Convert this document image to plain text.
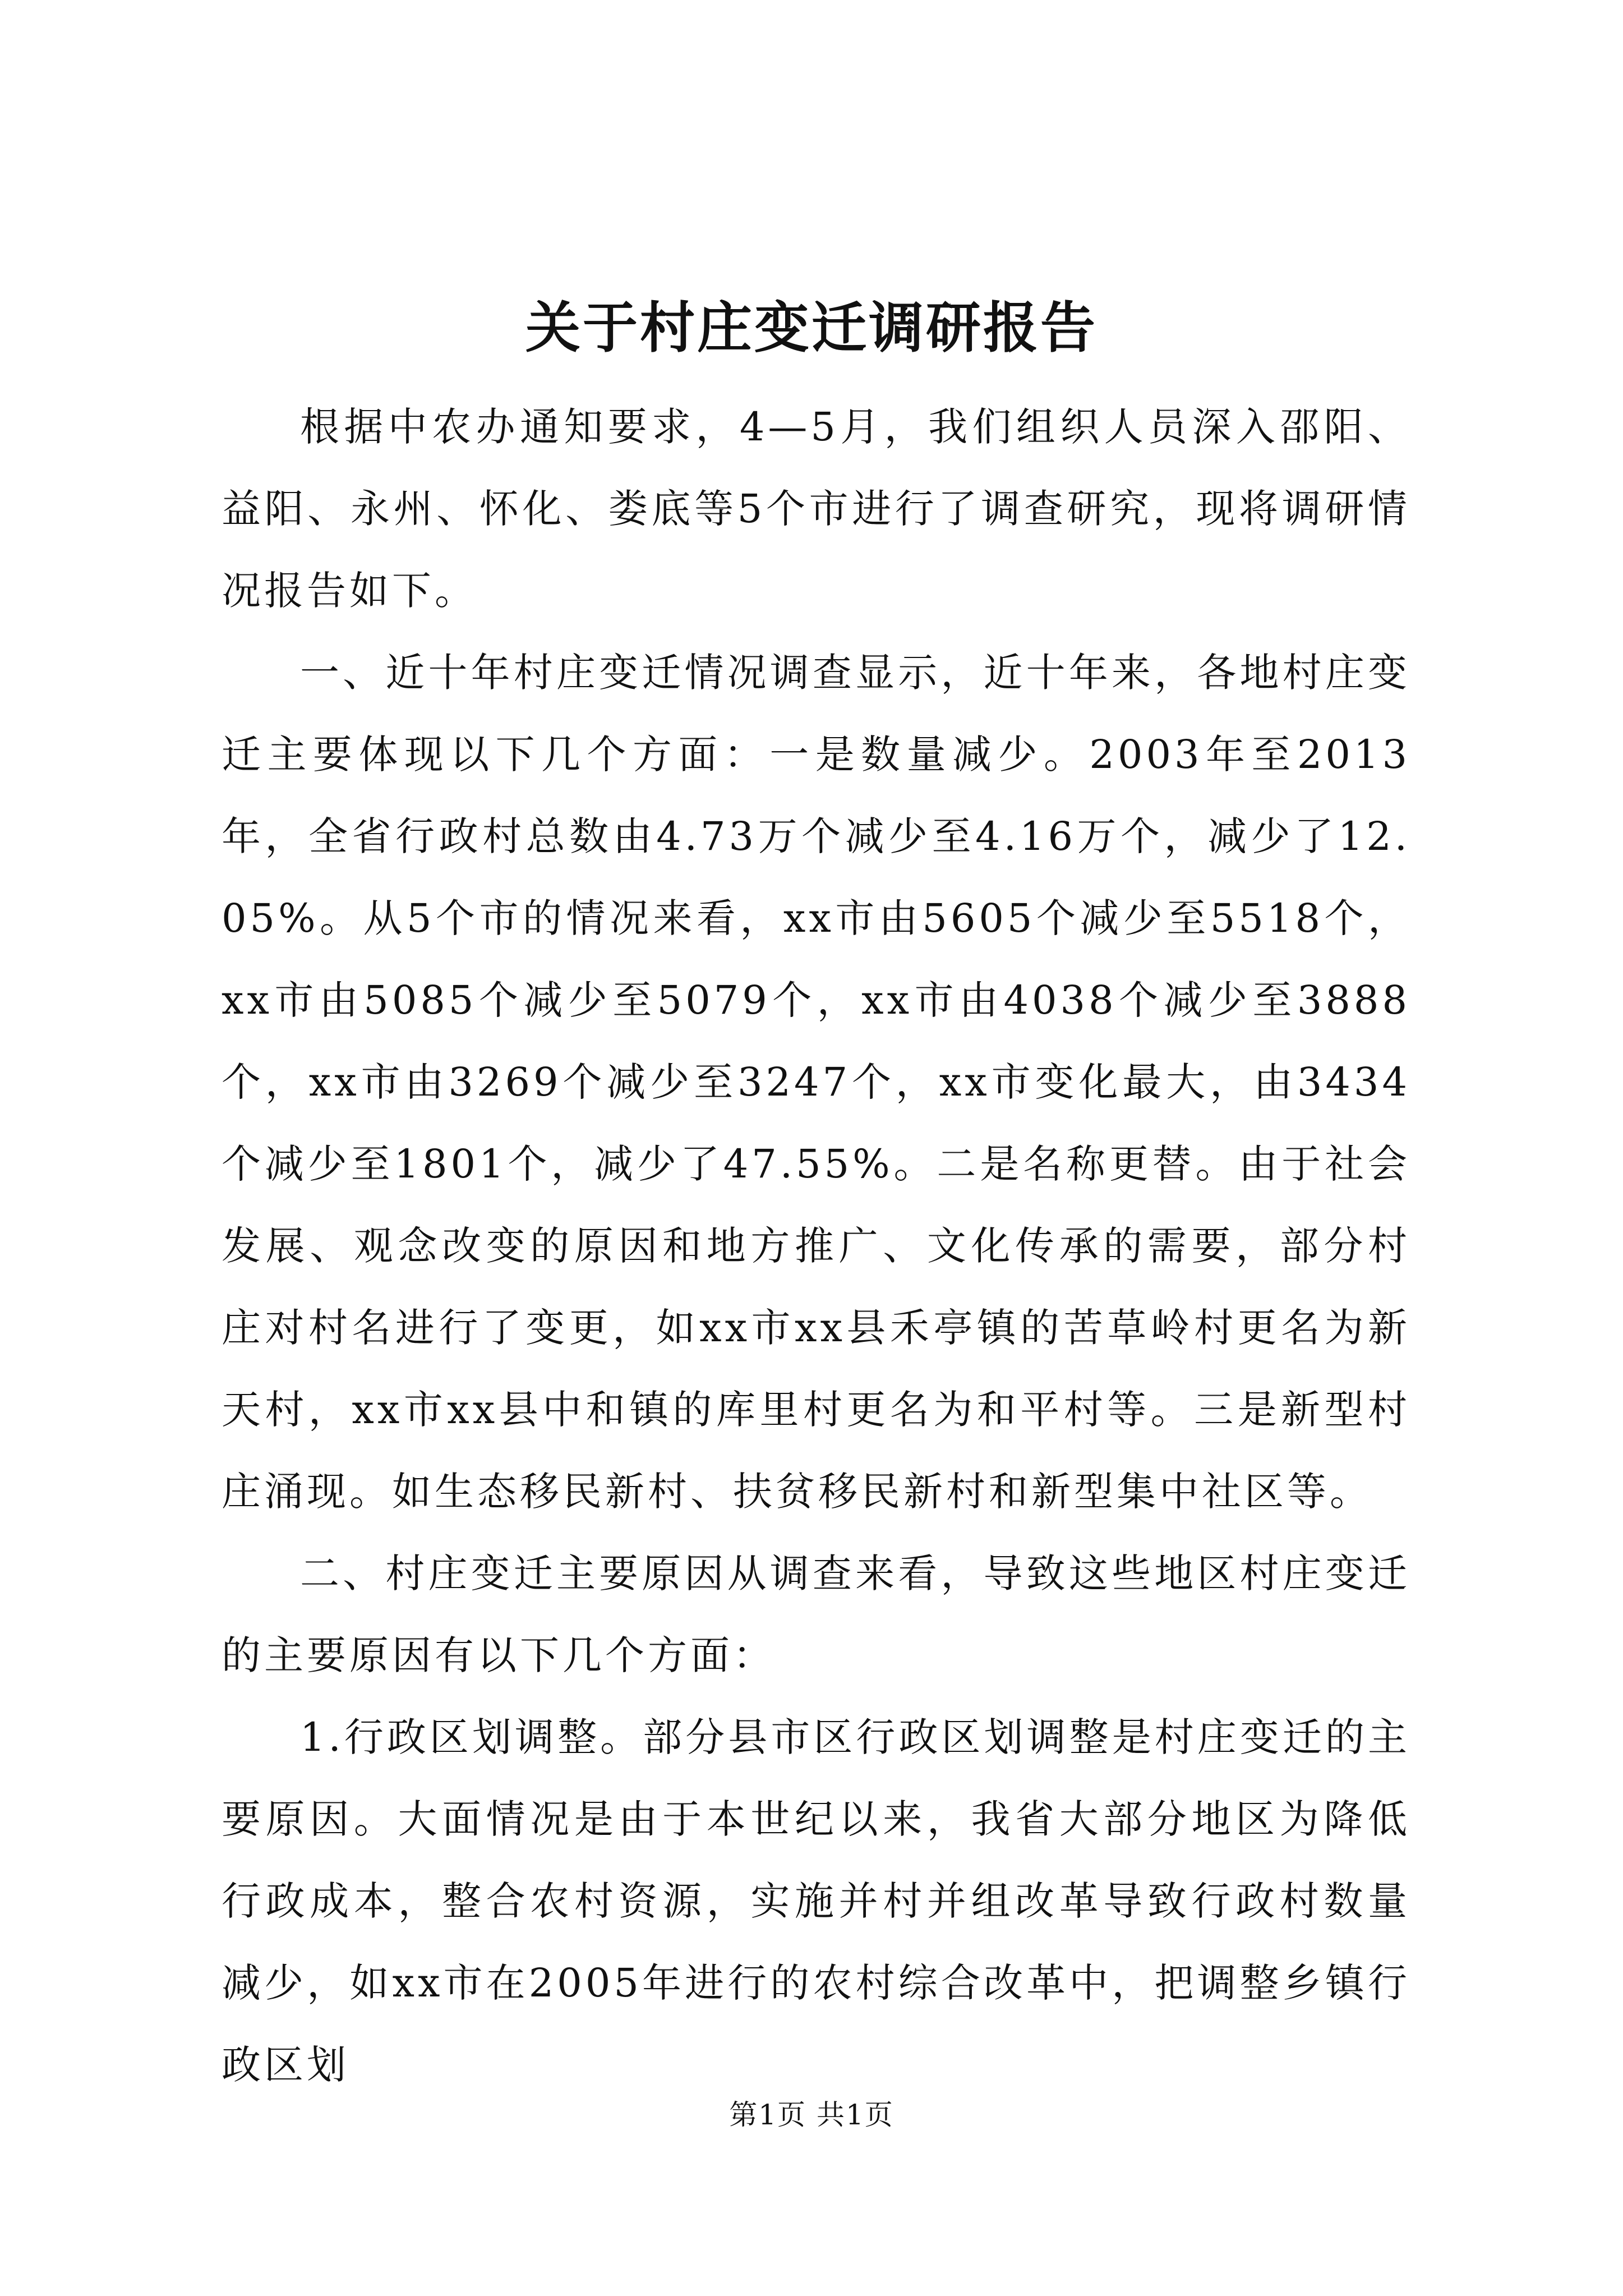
关于村庄变迁调研报告

根据中农办通知要求，4—5月，我们组织人员深入邵阳、益阳、永州、怀化、娄底等5个市进行了调查研究，现将调研情况报告如下。

一、近十年村庄变迁情况调查显示，近十年来，各地村庄变迁主要体现以下几个方面：一是数量减少。2003年至2013年，全省行政村总数由4.73万个减少至4.16万个，减少了12.05%。从5个市的情况来看，xx市由5605个减少至5518个，xx市由5085个减少至5079个，xx市由4038个减少至3888个，xx市由3269个减少至3247个，xx市变化最大，由3434个减少至1801个，减少了47.55%。二是名称更替。由于社会发展、观念改变的原因和地方推广、文化传承的需要，部分村庄对村名进行了变更，如xx市xx县禾亭镇的苦草岭村更名为新天村，xx市xx县中和镇的库里村更名为和平村等。三是新型村庄涌现。如生态移民新村、扶贫移民新村和新型集中社区等。

二、村庄变迁主要原因从调查来看，导致这些地区村庄变迁的主要原因有以下几个方面：

1.行政区划调整。部分县市区行政区划调整是村庄变迁的主要原因。大面情况是由于本世纪以来，我省大部分地区为降低行政成本，整合农村资源，实施并村并组改革导致行政村数量减少，如xx市在2005年进行的农村综合改革中，把调整乡镇行政区划

第1页 共1页
